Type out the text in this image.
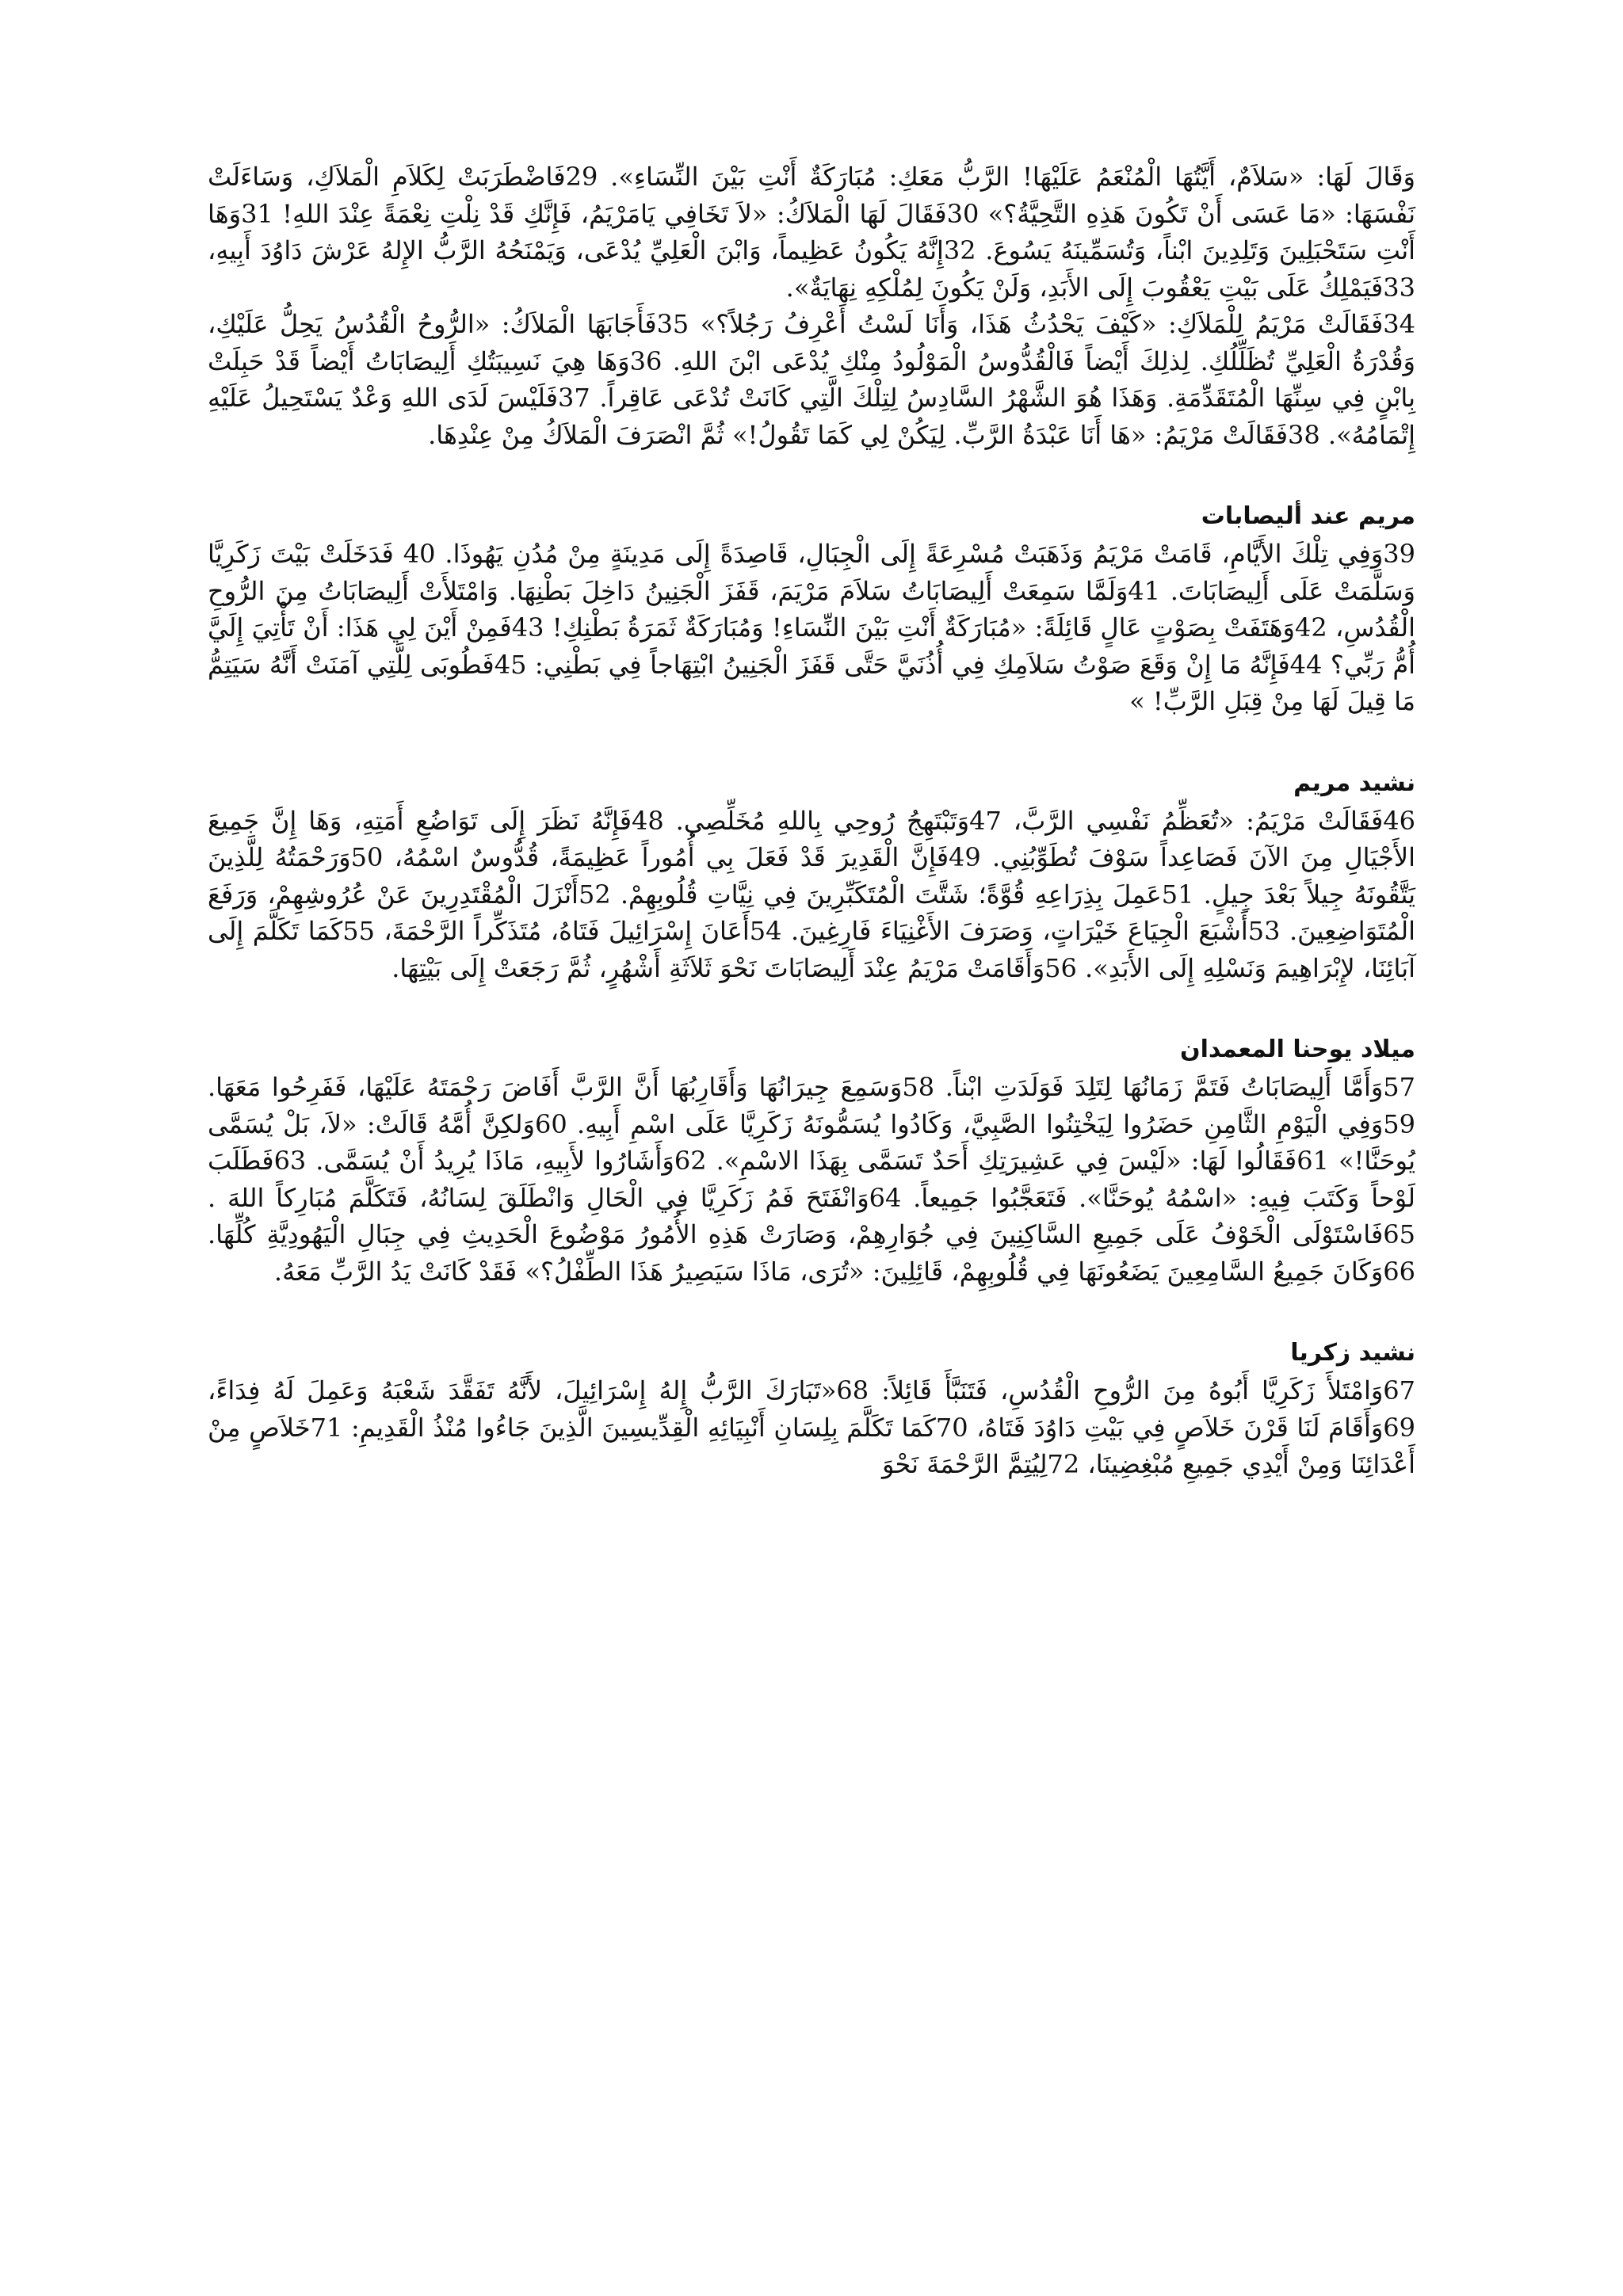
وَقَالَ لَهَا: «سَلاَمٌ، أَيَّتُهَا الْمُنْعَمُ عَلَيْهَا! الرَّبُّ مَعَكِ: مُبَارَكَةٌ أَنْتِ بَيْنَ النِّسَاءِ». 29فَاضْطَرَبَتْ لِكَلاَمِ الْمَلاَكِ، وَسَاءَلَتْ نَفْسَهَا: «مَا عَسَى أَنْ تَكُونَ هَذِهِ التَّحِيَّةُ؟» 30فَقَالَ لَهَا الْمَلاَكُ: «لاَ تَخَافِي يَامَرْيَمُ، فَإِنَّكِ قَدْ نِلْتِ نِعْمَةً عِنْدَ اللهِ! 31وَهَا أَنْتِ سَتَحْبَلِينَ وَتَلِدِينَ ابْناً، وَتُسَمِّينَهُ يَسُوعَ. 32إِنَّهُ يَكُونُ عَظِيماً، وَابْنَ الْعَلِيِّ يُدْعَى، وَيَمْنَحُهُ الرَّبُّ الإِلهُ عَرْشَ دَاوُدَ أَبِيهِ، 33فَيَمْلِكُ عَلَى بَيْتِ يَعْقُوبَ إِلَى الأَبَدِ، وَلَنْ يَكُونَ لِمُلْكِهِ نِهَايَةٌ».

34فَقَالَتْ مَرْيَمُ لِلْمَلاَكِ: «كَيْفَ يَحْدُثُ هَذَا، وَأَنَا لَسْتُ أَعْرِفُ رَجُلاً؟» 35فَأَجَابَهَا الْمَلاَكُ: «الرُّوحُ الْقُدُسُ يَحِلُّ عَلَيْكِ، وَقُدْرَةُ الْعَلِيِّ تُظَلِّلُكِ. لِذلِكَ أَيْضاً فَالْقُدُّوسُ الْمَوْلُودُ مِنْكِ يُدْعَى ابْنَ اللهِ. 36وَهَا هِيَ نَسِيبَتُكِ أَلِيصَابَاتُ أَيْضاً قَدْ حَبِلَتْ بِابْنٍ فِي سِنِّهَا الْمُتَقَدِّمَةِ. وَهَذَا هُوَ الشَّهْرُ السَّادِسُ لِتِلْكَ الَّتِي كَانَتْ تُدْعَى عَاقِراً. 37فَلَيْسَ لَدَى اللهِ وَعْدٌ يَسْتَحِيلُ عَلَيْهِ إِتْمَامُهُ». 38فَقَالَتْ مَرْيَمُ: «هَا أَنَا عَبْدَةُ الرَّبِّ. لِيَكُنْ لِي كَمَا تَقُولُ!» ثُمَّ انْصَرَفَ الْمَلاَكُ مِنْ عِنْدِهَا.

مريم عند أليصابات

39وَفِي تِلْكَ الأَيَّامِ، قَامَتْ مَرْيَمُ وَذَهَبَتْ مُسْرِعَةً إِلَى الْجِبَالِ، قَاصِدَةً إِلَى مَدِينَةٍ مِنْ مُدُنِ يَهُوذَا. 40 فَدَخَلَتْ بَيْتَ زَكَرِيَّا وَسَلَّمَتْ عَلَى أَلِيصَابَاتَ. 41وَلَمَّا سَمِعَتْ أَلِيصَابَاتُ سَلاَمَ مَرْيَمَ، قَفَزَ الْجَنِينُ دَاخِلَ بَطْنِهَا. وَامْتَلأَتْ أَلِيصَابَاتُ مِنَ الرُّوحِ الْقُدُسِ، 42وَهَتَفَتْ بِصَوْتٍ عَالٍ قَائِلَةً: «مُبَارَكَةٌ أَنْتِ بَيْنَ النِّسَاءِ! وَمُبَارَكَةٌ ثَمَرَةُ بَطْنِكِ! 43فَمِنْ أَيْنَ لِي هَذَا: أَنْ تَأْتِيَ إِلَيَّ أُمُّ رَبِّي؟ 44فَإِنَّهُ مَا إِنْ وَقَعَ صَوْتُ سَلاَمِكِ فِي أُذُنَيَّ حَتَّى قَفَزَ الْجَنِينُ ابْتِهَاجاً فِي بَطْنِي: 45فَطُوبَى لِلَّتِي آمَنَتْ أَنَّهُ سَيَتِمُّ مَا قِيلَ لَهَا مِنْ قِبَلِ الرَّبِّ! »

نشيد مريم

46فَقَالَتْ مَرْيَمُ: «تُعَظِّمُ نَفْسِي الرَّبَّ، 47وَتَبْتَهِجُ رُوحِي بِاللهِ مُخَلِّصِي. 48فَإِنَّهُ نَظَرَ إِلَى تَوَاضُعِ أَمَتِهِ، وَهَا إِنَّ جَمِيعَ الأَجْيَالِ مِنَ الآنَ فَصَاعِداً سَوْفَ تُطَوِّبُنِي. 49فَإِنَّ الْقَدِيرَ قَدْ فَعَلَ بِي أُمُوراً عَظِيمَةً، قُدُّوسٌ اسْمُهُ، 50وَرَحْمَتُهُ لِلَّذِينَ يَتَّقُونَهُ جِيلاً بَعْدَ جِيلٍ. 51عَمِلَ بِذِرَاعِهِ قُوَّةً؛ شَتَّتَ الْمُتَكَبِّرِينَ فِي نِيَّاتِ قُلُوبِهِمْ. 52أَنْزَلَ الْمُقْتَدِرِينَ عَنْ عُرُوشِهِمْ، وَرَفَعَ الْمُتَوَاضِعِينَ. 53أَشْبَعَ الْجِيَاعَ خَيْرَاتٍ، وَصَرَفَ الأَغْنِيَاءَ فَارِغِينَ. 54أَعَانَ إِسْرَائِيلَ فَتَاهُ، مُتَذَكِّراً الرَّحْمَةَ، 55كَمَا تَكَلَّمَ إِلَى آبَائِنَا، لإِبْرَاهِيمَ وَنَسْلِهِ إِلَى الأَبَدِ». 56وَأَقَامَتْ مَرْيَمُ عِنْدَ أَلِيصَابَاتَ نَحْوَ ثَلاَثَةِ أَشْهُرٍ، ثُمَّ رَجَعَتْ إِلَى بَيْتِهَا.

ميلاد يوحنا المعمدان

57وَأَمَّا أَلِيصَابَاتُ فَتَمَّ زَمَانُهَا لِتَلِدَ فَوَلَدَتِ ابْناً. 58وَسَمِعَ جِيرَانُهَا وَأَقَارِبُهَا أَنَّ الرَّبَّ أَفَاضَ رَحْمَتَهُ عَلَيْهَا، فَفَرِحُوا مَعَهَا. 59وَفِي الْيَوْمِ الثَّامِنِ حَضَرُوا لِيَخْتِنُوا الصَّبِيَّ، وَكَادُوا يُسَمُّونَهُ زَكَرِيَّا عَلَى اسْمِ أَبِيهِ. 60وَلكِنَّ أُمَّهُ قَالَتْ: «لاَ، بَلْ يُسَمَّى يُوحَنَّا!» 61فَقَالُوا لَهَا: «لَيْسَ فِي عَشِيرَتِكِ أَحَدٌ تَسَمَّى بِهَذَا الاسْمِ». 62وَأَشَارُوا لأَبِيهِ، مَاذَا يُرِيدُ أَنْ يُسَمَّى. 63فَطَلَبَ لَوْحاً وَكَتَبَ فِيهِ: «اسْمُهُ يُوحَنَّا». فَتَعَجَّبُوا جَمِيعاً. 64وَانْفَتَحَ فَمُ زَكَرِيَّا فِي الْحَالِ وَانْطَلَقَ لِسَانُهُ، فَتَكَلَّمَ مُبَارِكاً اللهَ . 65فَاسْتَوْلَى الْخَوْفُ عَلَى جَمِيعِ السَّاكِنِينَ فِي جُوَارِهِمْ، وَصَارَتْ هَذِهِ الأُمُورُ مَوْضُوعَ الْحَدِيثِ فِي جِبَالِ الْيَهُودِيَّةِ كُلِّهَا. 66وَكَانَ جَمِيعُ السَّامِعِينَ يَضَعُونَهَا فِي قُلُوبِهِمْ، قَائِلِينَ: «تُرَى، مَاذَا سَيَصِيرُ هَذَا الطِّفْلُ؟» فَقَدْ كَانَتْ يَدُ الرَّبِّ مَعَهُ.

نشيد زكريا

67وَامْتَلأَ زَكَرِيَّا أَبُوهُ مِنَ الرُّوحِ الْقُدُسِ، فَتَنَبَّأَ قَائِلاً: 68«تَبَارَكَ الرَّبُّ إِلهُ إِسْرَائِيلَ، لأَنَّهُ تَفَقَّدَ شَعْبَهُ وَعَمِلَ لَهُ فِدَاءً، 69وَأَقَامَ لَنَا قَرْنَ خَلاَصٍ فِي بَيْتِ دَاوُدَ فَتَاهُ، 70كَمَا تَكَلَّمَ بِلِسَانِ أَنْبِيَائِهِ الْقِدِّيسِينَ الَّذِينَ جَاءُوا مُنْذُ الْقَدِيمِ: 71خَلاَصٍ مِنْ أَعْدَائِنَا وَمِنْ أَيْدِي جَمِيعِ مُبْغِضِينَا، 72لِيُتِمَّ الرَّحْمَةَ نَحْوَ
